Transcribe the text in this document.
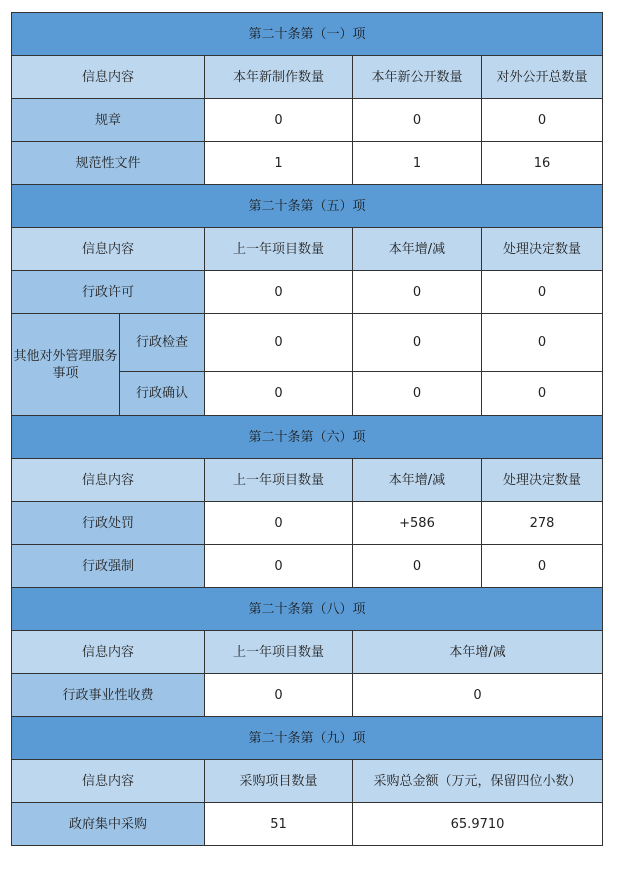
第二十条第（一）项				
信息内容		本年新制作数量	本年新公开数量	对外公开总数量
规章		0	0	0
规范性文件		1	1	16
第二十条第（五）项				
信息内容		上一年项目数量	本年增/减	处理决定数量
行政许可		0	0	0
其他对外管理服务事项	行政检查	0	0	0
	行政确认	0	0	0
第二十条第（六）项				
信息内容		上一年项目数量	本年增/减	处理决定数量
行政处罚		0	+586	278
行政强制		0	0	0
第二十条第（八）项				
信息内容		上一年项目数量	本年增/减	
行政事业性收费		0	0	
第二十条第（九）项				
信息内容		采购项目数量	采购总金额（万元，保留四位小数）	
政府集中采购		51	65.9710	
